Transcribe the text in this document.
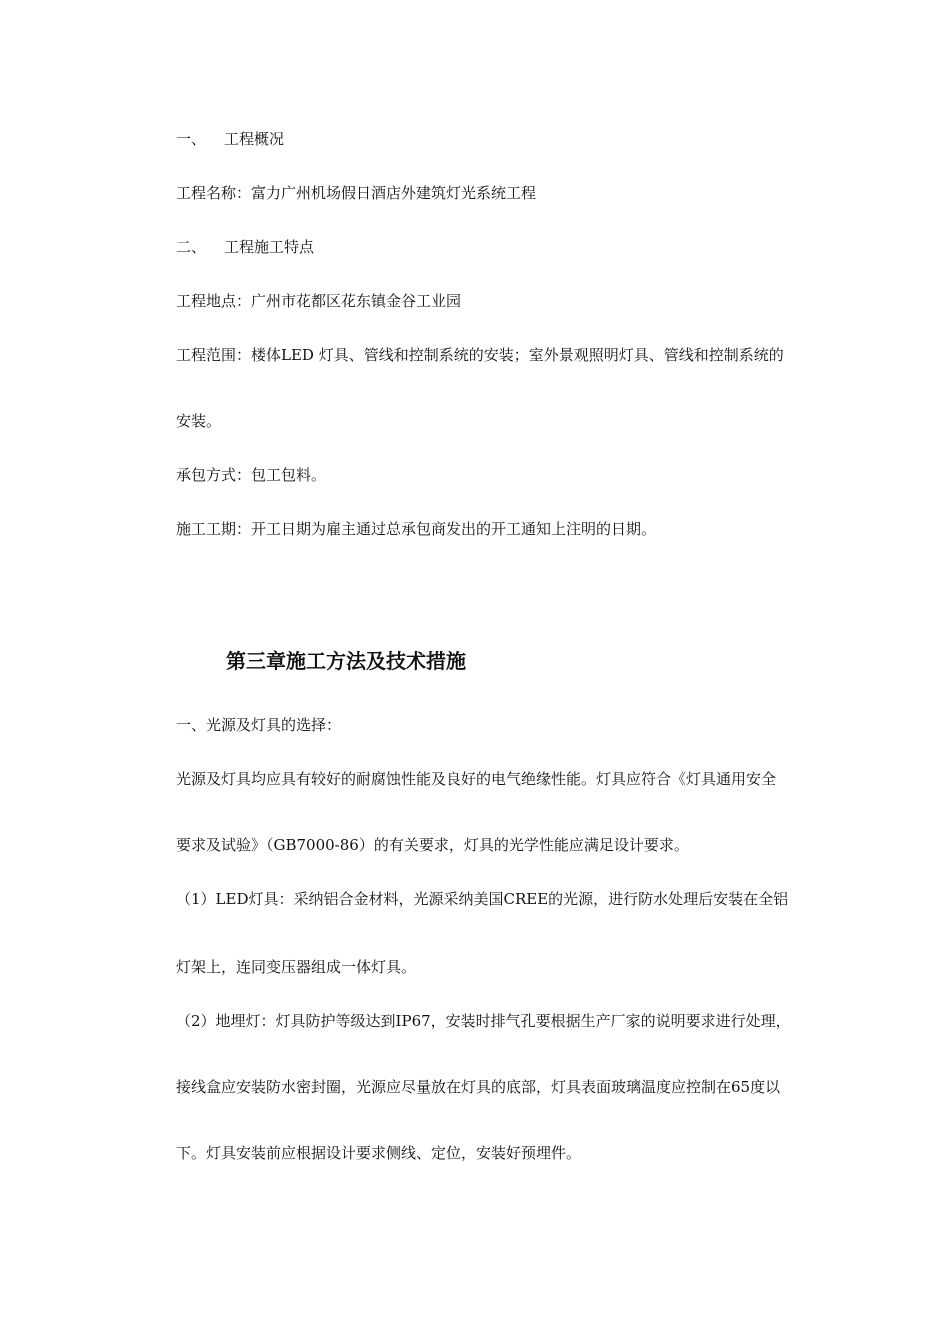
一、 工程概况
工程名称：富力广州机场假日酒店外建筑灯光系统工程
二、 工程施工特点
工程地点：广州市花都区花东镇金谷工业园
工程范围：楼体LED 灯具、管线和控制系统的安装；室外景观照明灯具、管线和控制系统的
安装。
承包方式：包工包料。
施工工期：开工日期为雇主通过总承包商发出的开工通知上注明的日期。
第三章施工方法及技术措施
一、光源及灯具的选择：
光源及灯具均应具有较好的耐腐蚀性能及良好的电气绝缘性能。灯具应符合《灯具通用安全
要求及试验》（GB7000-86）的有关要求，灯具的光学性能应满足设计要求。
（1）LED灯具：采纳铝合金材料，光源采纳美国CREE的光源，进行防水处理后安装在全铝
灯架上，连同变压器组成一体灯具。
（2）地埋灯：灯具防护等级达到IP67，安装时排气孔要根据生产厂家的说明要求进行处理，
接线盒应安装防水密封圈，光源应尽量放在灯具的底部，灯具表面玻璃温度应控制在65度以
下。灯具安装前应根据设计要求侧线、定位，安装好预埋件。
